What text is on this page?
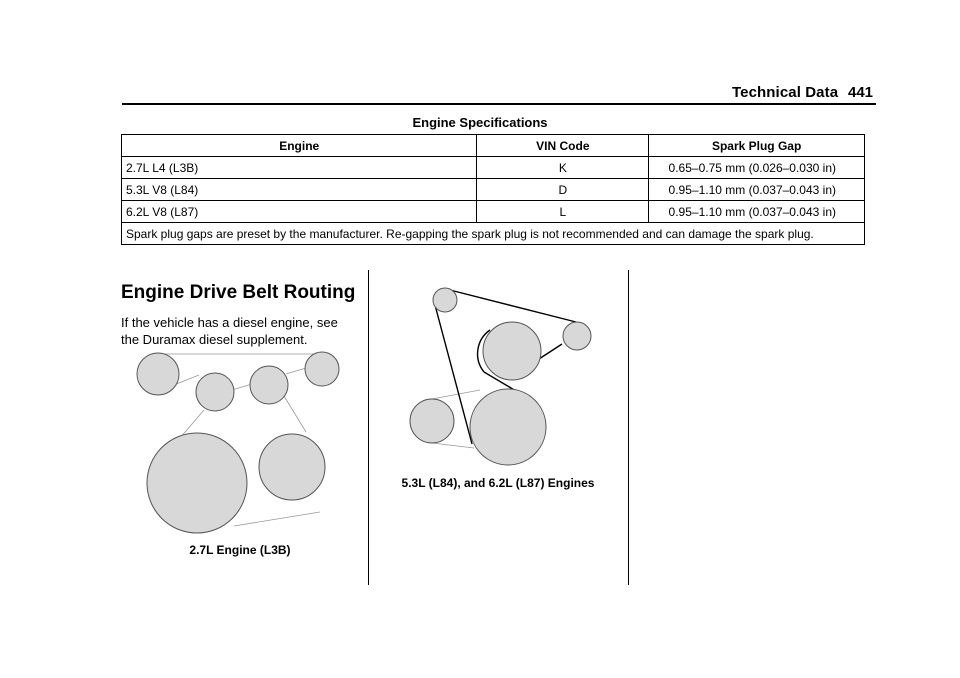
Technical Data 441
Engine Specifications
Engine	VIN Code	Spark Plug Gap
2.7L L4 (L3B)	K	0.65–0.75 mm (0.026–0.030 in)
5.3L V8 (L84)	D	0.95–1.10 mm (0.037–0.043 in)
6.2L V8 (L87)	L	0.95–1.10 mm (0.037–0.043 in)
Spark plug gaps are preset by the manufacturer. Re-gapping the spark plug is not recommended and can damage the spark plug.		
Engine Drive Belt Routing
If the vehicle has a diesel engine, see the Duramax diesel supplement.
2.7L Engine (L3B)
5.3L (L84), and 6.2L (L87) Engines
